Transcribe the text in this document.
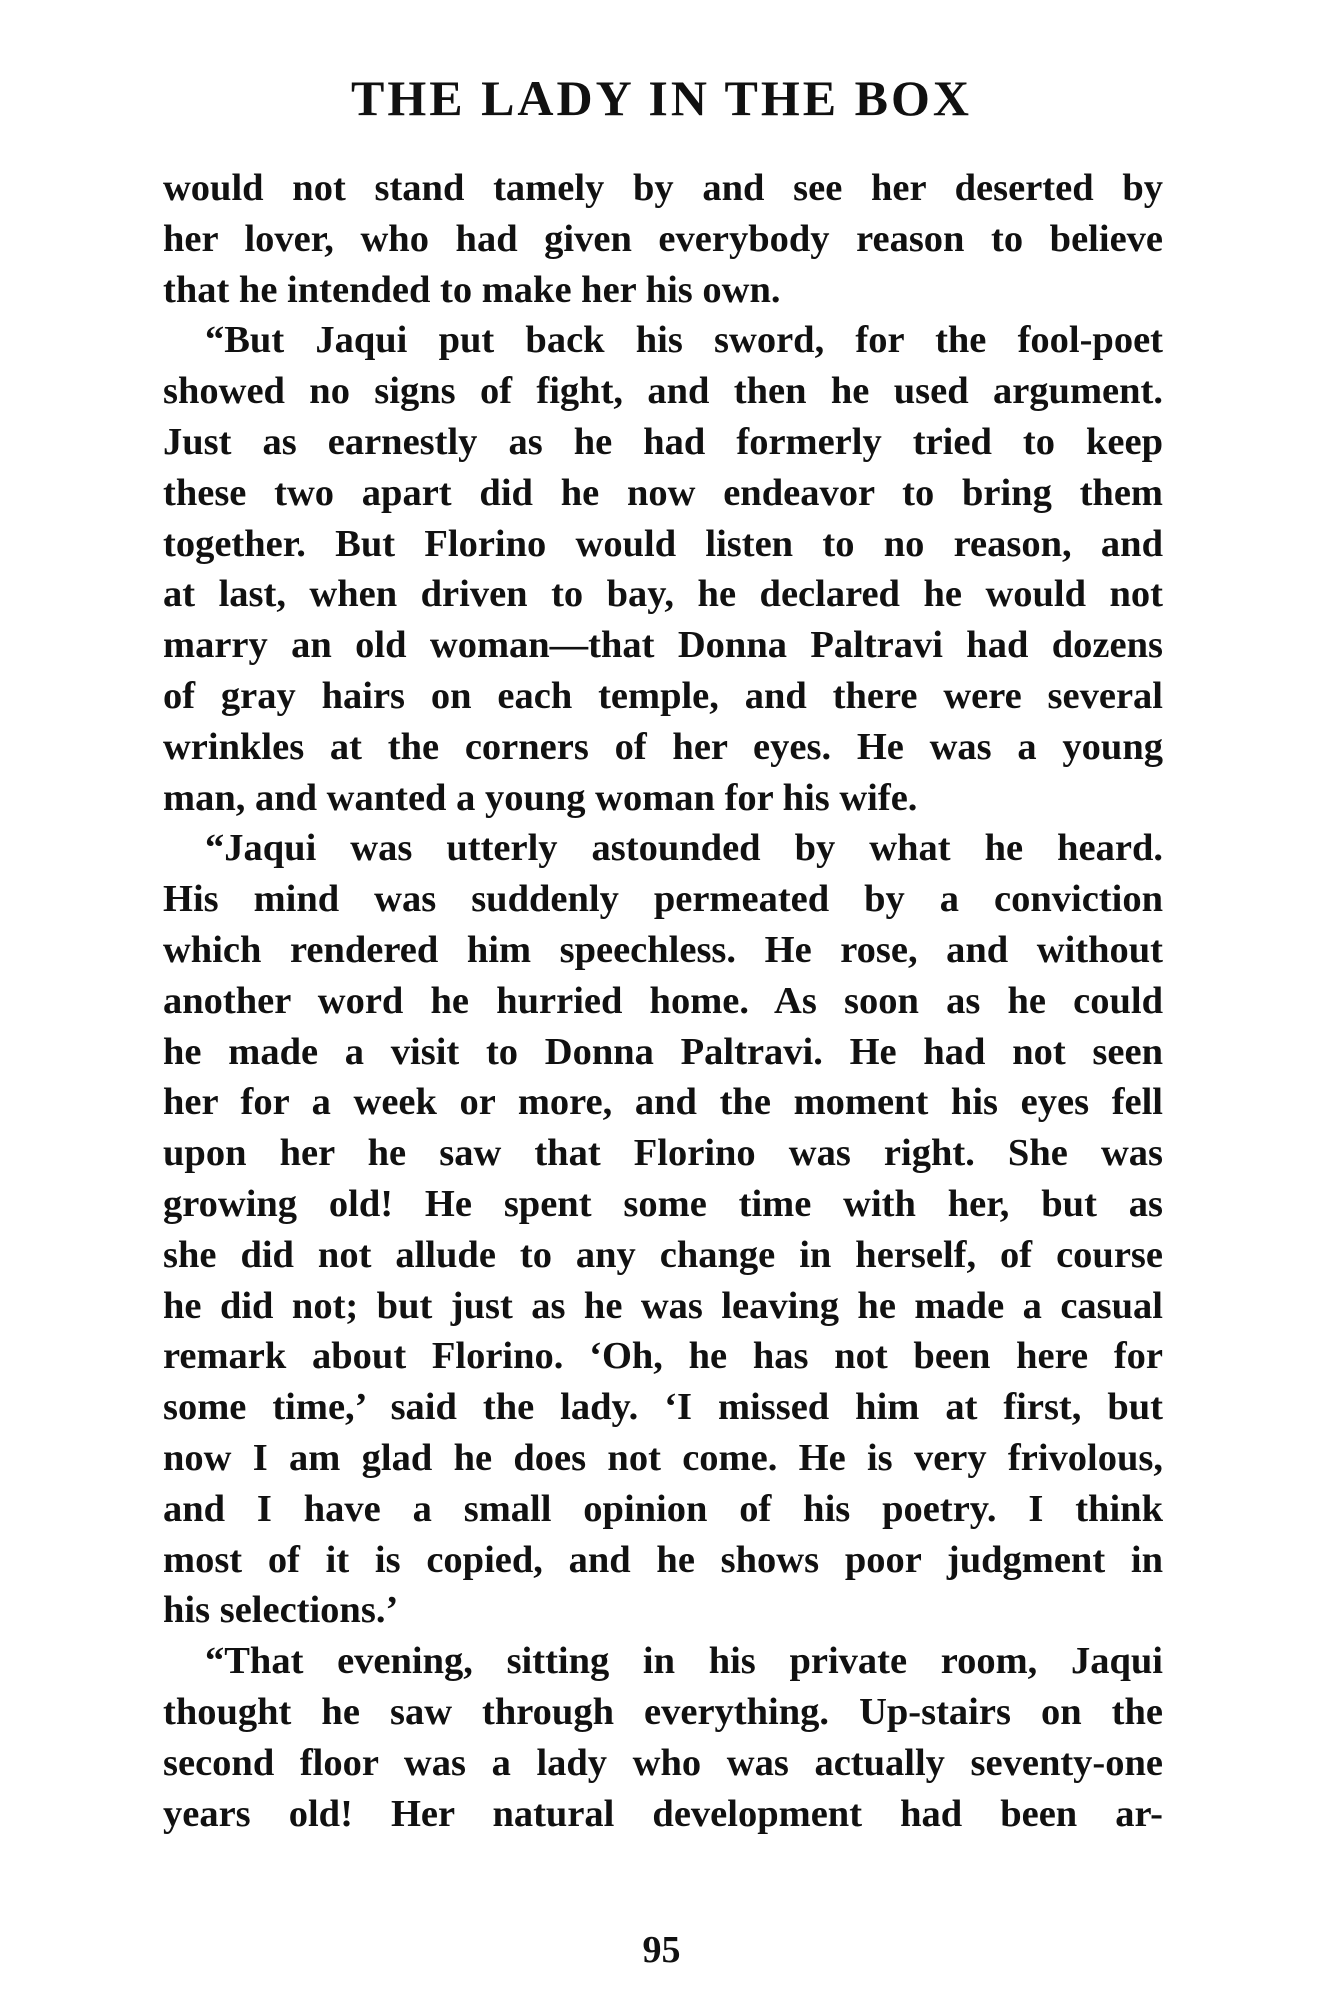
THE LADY IN THE BOX

would not stand tamely by and see her deserted by
her lover, who had given everybody reason to believe
that he intended to make her his own.

“But Jaqui put back his sword, for the fool-poet
showed no signs of fight, and then he used argument.
Just as earnestly as he had formerly tried to keep
these two apart did he now endeavor to bring them
together. But Florino would listen to no reason, and
at last, when driven to bay, he declared he would not
marry an old woman—that Donna Paltravi had dozens
of gray hairs on each temple, and there were several
wrinkles at the corners of her eyes. He was a young
man, and wanted a young woman for his wife.

“Jaqui was utterly astounded by what he heard.
His mind was suddenly permeated by a conviction
which rendered him speechless. He rose, and without
another word he hurried home. As soon as he could
he made a visit to Donna Paltravi. He had not seen
her for a week or more, and the moment his eyes fell
upon her he saw that Florino was right. She was
growing old! He spent some time with her, but as
she did not allude to any change in herself, of course
he did not; but just as he was leaving he made a casual
remark about Florino. ‘Oh, he has not been here for
some time,’ said the lady. ‘I missed him at first, but
now I am glad he does not come. He is very frivolous,
and I have a small opinion of his poetry. I think
most of it is copied, and he shows poor judgment in
his selections.’

“That evening, sitting in his private room, Jaqui
thought he saw through everything. Up-stairs on the
second floor was a lady who was actually seventy-one
years old! Her natural development had been ar-

95
